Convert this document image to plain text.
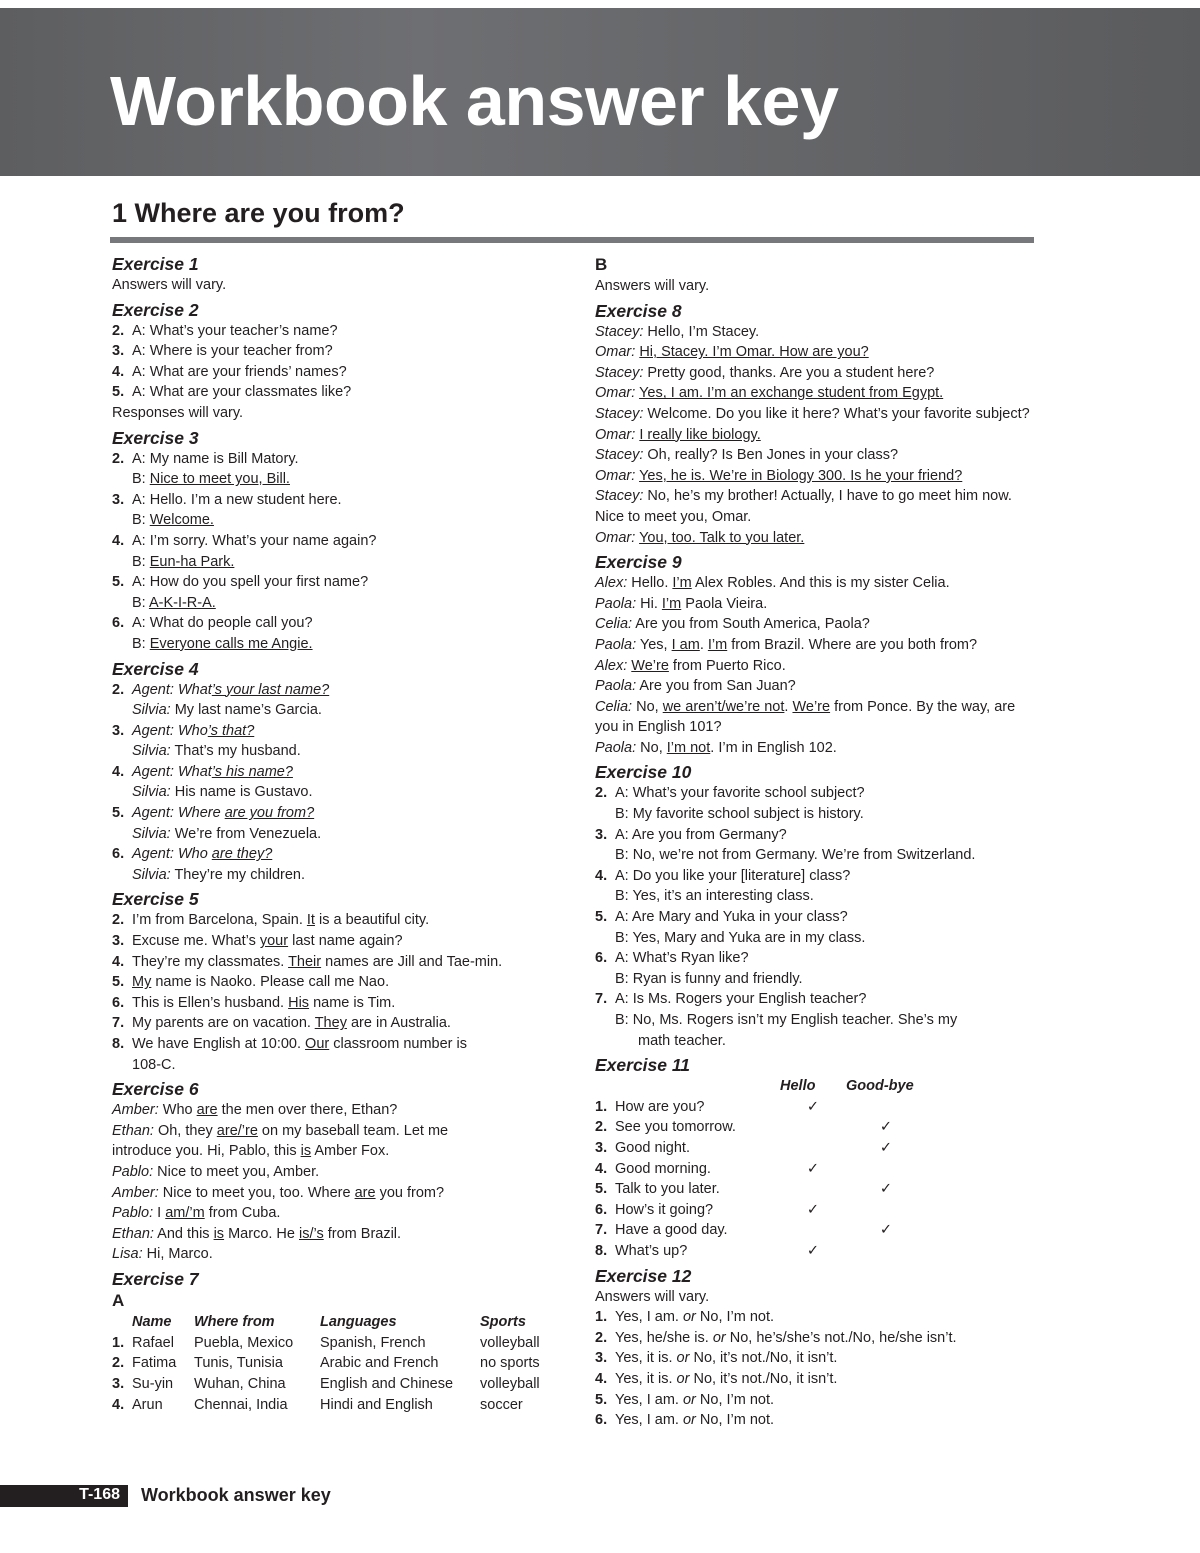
Workbook answer key
1 Where are you from?
Exercise 1
Answers will vary.
Exercise 2
2. A: What’s your teacher’s name?
3. A: Where is your teacher from?
4. A: What are your friends’ names?
5. A: What are your classmates like?
Responses will vary.
Exercise 3
2. A: My name is Bill Matory.
B: Nice to meet you, Bill.
3. A: Hello. I’m a new student here.
B: Welcome.
4. A: I’m sorry. What’s your name again?
B: Eun-ha Park.
5. A: How do you spell your first name?
B: A-K-I-R-A.
6. A: What do people call you?
B: Everyone calls me Angie.
Exercise 4
2. Agent: What’s your last name?
Silvia: My last name’s Garcia.
3. Agent: Who’s that?
Silvia: That’s my husband.
4. Agent: What’s his name?
Silvia: His name is Gustavo.
5. Agent: Where are you from?
Silvia: We’re from Venezuela.
6. Agent: Who are they?
Silvia: They’re my children.
Exercise 5
2. I’m from Barcelona, Spain. It is a beautiful city.
3. Excuse me. What’s your last name again?
4. They’re my classmates. Their names are Jill and Tae-min.
5. My name is Naoko. Please call me Nao.
6. This is Ellen’s husband. His name is Tim.
7. My parents are on vacation. They are in Australia.
8. We have English at 10:00. Our classroom number is
108-C.
Exercise 6
Amber: Who are the men over there, Ethan?
Ethan: Oh, they are/’re on my baseball team. Let me
introduce you. Hi, Pablo, this is Amber Fox.
Pablo: Nice to meet you, Amber.
Amber: Nice to meet you, too. Where are you from?
Pablo: I am/’m from Cuba.
Ethan: And this is Marco. He is/’s from Brazil.
Lisa: Hi, Marco.
Exercise 7
A
	Name	Where from	Languages	Sports
1. Rafael	Puebla, Mexico	Spanish, French	volleyball
2. Fatima	Tunis, Tunisia	Arabic and French	no sports
3. Su-yin	Wuhan, China	English and Chinese	volleyball
4. Arun	Chennai, India	Hindi and English	soccer
B
Answers will vary.
Exercise 8
Stacey: Hello, I’m Stacey.
Omar: Hi, Stacey. I’m Omar. How are you?
Stacey: Pretty good, thanks. Are you a student here?
Omar: Yes, I am. I’m an exchange student from Egypt.
Stacey: Welcome. Do you like it here? What’s your favorite subject?
Omar: I really like biology.
Stacey: Oh, really? Is Ben Jones in your class?
Omar: Yes, he is. We’re in Biology 300. Is he your friend?
Stacey: No, he’s my brother! Actually, I have to go meet him now. Nice to meet you, Omar.
Omar: You, too. Talk to you later.
Exercise 9
Alex: Hello. I’m Alex Robles. And this is my sister Celia.
Paola: Hi. I’m Paola Vieira.
Celia: Are you from South America, Paola?
Paola: Yes, I am. I’m from Brazil. Where are you both from?
Alex: We’re from Puerto Rico.
Paola: Are you from San Juan?
Celia: No, we aren’t/we’re not. We’re from Ponce. By the way, are you in English 101?
Paola: No, I’m not. I’m in English 102.
Exercise 10
2. A: What’s your favorite school subject?
B: My favorite school subject is history.
3. A: Are you from Germany?
B: No, we’re not from Germany. We’re from Switzerland.
4. A: Do you like your [literature] class?
B: Yes, it’s an interesting class.
5. A: Are Mary and Yuka in your class?
B: Yes, Mary and Yuka are in my class.
6. A: What’s Ryan like?
B: Ryan is funny and friendly.
7. A: Is Ms. Rogers your English teacher?
B: No, Ms. Rogers isn’t my English teacher. She’s my
math teacher.
Exercise 11
	Hello	Good-bye
1. How are you?	✓	
2. See you tomorrow.		✓
3. Good night.		✓
4. Good morning.	✓	
5. Talk to you later.		✓
6. How’s it going?	✓	
7. Have a good day.		✓
8. What’s up?	✓	
Exercise 12
Answers will vary.
1. Yes, I am. or No, I’m not.
2. Yes, he/she is. or No, he’s/she’s not./No, he/she isn’t.
3. Yes, it is. or No, it’s not./No, it isn’t.
4. Yes, it is. or No, it’s not./No, it isn’t.
5. Yes, I am. or No, I’m not.
6. Yes, I am. or No, I’m not.
T-168 Workbook answer key
